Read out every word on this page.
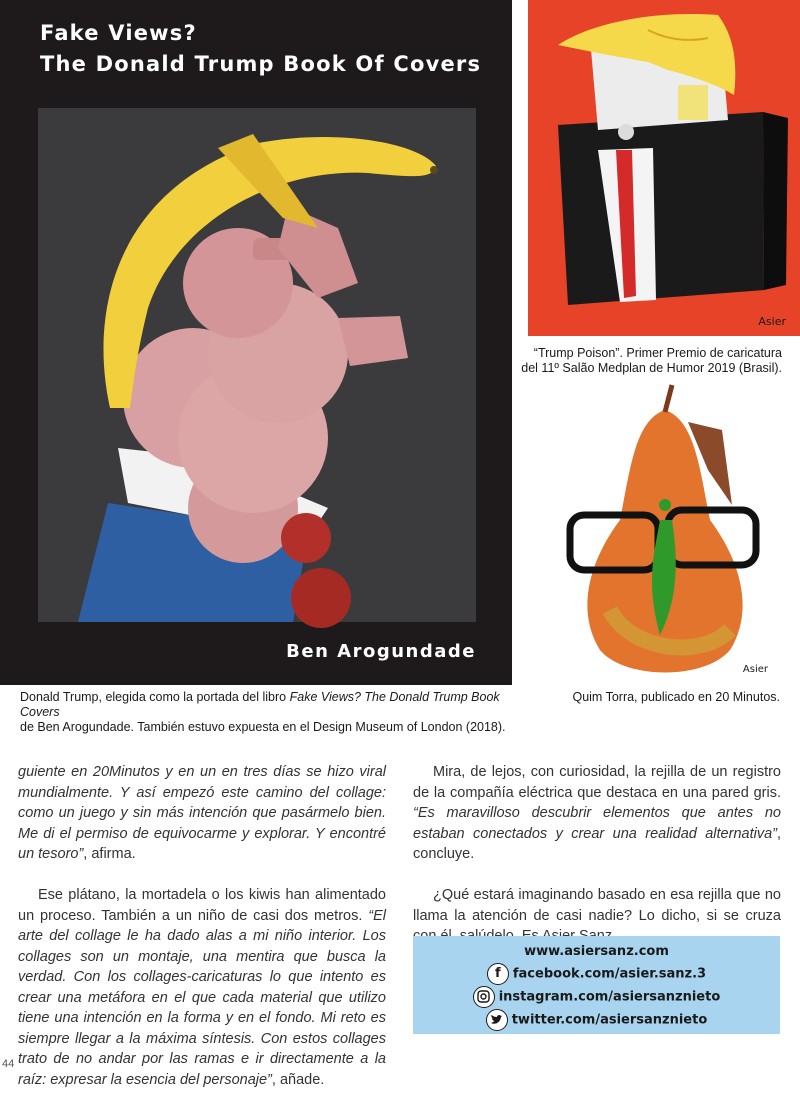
Fake Views?
The Donald Trump Book Of Covers
Ben Arogundade
Asier
“Trump Poison”. Primer Premio de caricatura
del 11º Salão Medplan de Humor 2019 (Brasil).
Asier
Donald Trump, elegida como la portada del libro Fake Views? The Donald Trump Book Covers
de Ben Arogundade. También estuvo expuesta en el Design Museum of London (2018).
Quim Torra, publicado en 20 Minutos.

guiente en 20Minutos y en un en tres días se hizo viral mundialmente. Y así empezó este camino del collage: como un juego y sin más intención que pasármelo bien. Me di el permiso de equivocarme y explorar. Y encontré un tesoro”, afirma.

Ese plátano, la mortadela o los kiwis han alimentado un proceso. También a un niño de casi dos metros. “El arte del collage le ha dado alas a mi niño interior. Los collages son un montaje, una mentira que busca la verdad. Con los collages-caricaturas lo que intento es crear una metáfora en el que cada material que utilizo tiene una intención en la forma y en el fondo. Mi reto es siempre llegar a la máxima síntesis. Con estos collages trato de no andar por las ramas e ir directamente a la raíz: expresar la esencia del personaje”, añade.

Mira, de lejos, con curiosidad, la rejilla de un registro de la compañía eléctrica que destaca en una pared gris. “Es maravilloso descubrir elementos que antes no estaban conectados y crear una realidad alternativa”, concluye.

¿Qué estará imaginando basado en esa rejilla que no llama la atención de casi nadie? Lo dicho, si se cruza

www.asiersanz.com
f facebook.com/asier.sanz.3
instagram.com/asiersanznieto
twitter.com/asiersanznieto
44
